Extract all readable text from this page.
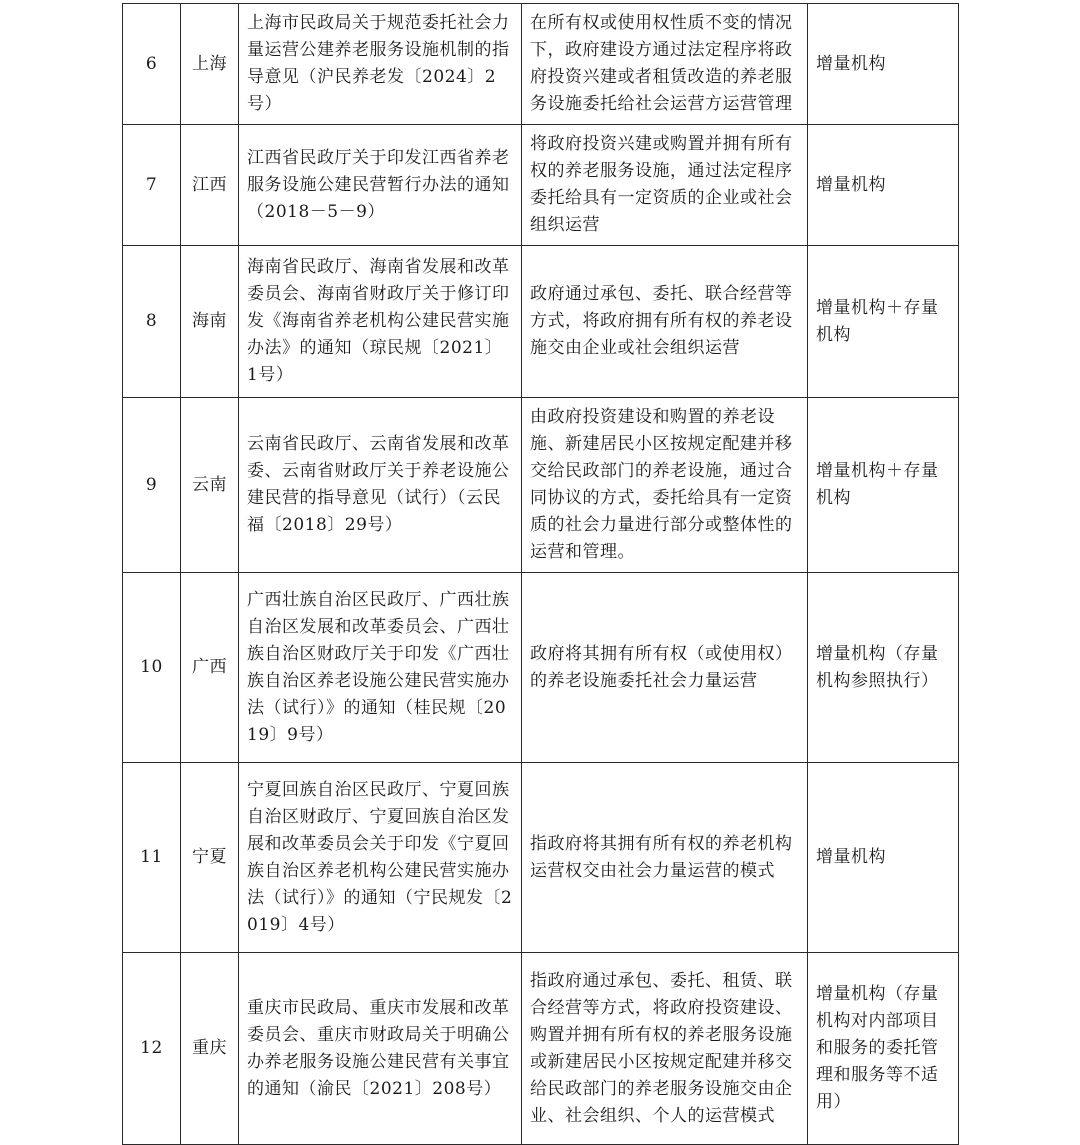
6	上海	上海市民政局关于规范委托社会力量运营公建养老服务设施机制的指导意见（沪民养老发〔2024〕2号）	在所有权或使用权性质不变的情况下，政府建设方通过法定程序将政府投资兴建或者租赁改造的养老服务设施委托给社会运营方运营管理	增量机构
7	江西	江西省民政厅关于印发江西省养老服务设施公建民营暂行办法的通知（2018－5－9）	将政府投资兴建或购置并拥有所有权的养老服务设施，通过法定程序委托给具有一定资质的企业或社会组织运营	增量机构
8	海南	海南省民政厅、海南省发展和改革委员会、海南省财政厅关于修订印发《海南省养老机构公建民营实施办法》的通知（琼民规〔2021〕1号）	政府通过承包、委托、联合经营等方式，将政府拥有所有权的养老设施交由企业或社会组织运营	增量机构＋存量机构
9	云南	云南省民政厅、云南省发展和改革委、云南省财政厅关于养老设施公建民营的指导意见（试行）（云民福〔2018〕29号）	由政府投资建设和购置的养老设施、新建居民小区按规定配建并移交给民政部门的养老设施，通过合同协议的方式，委托给具有一定资质的社会力量进行部分或整体性的运营和管理。	增量机构＋存量机构
10	广西	广西壮族自治区民政厅、广西壮族自治区发展和改革委员会、广西壮族自治区财政厅关于印发《广西壮族自治区养老设施公建民营实施办法（试行）》的通知（桂民规〔2019〕9号）	政府将其拥有所有权（或使用权）的养老设施委托社会力量运营	增量机构（存量机构参照执行）
11	宁夏	宁夏回族自治区民政厅、宁夏回族自治区财政厅、宁夏回族自治区发展和改革委员会关于印发《宁夏回族自治区养老机构公建民营实施办法（试行）》的通知（宁民规发〔2019〕4号）	指政府将其拥有所有权的养老机构运营权交由社会力量运营的模式	增量机构
12	重庆	重庆市民政局、重庆市发展和改革委员会、重庆市财政局关于明确公办养老服务设施公建民营有关事宜的通知（渝民〔2021〕208号）	指政府通过承包、委托、租赁、联合经营等方式，将政府投资建设、购置并拥有所有权的养老服务设施或新建居民小区按规定配建并移交给民政部门的养老服务设施交由企业、社会组织、个人的运营模式	增量机构（存量机构对内部项目和服务的委托管理和服务等不适用）
